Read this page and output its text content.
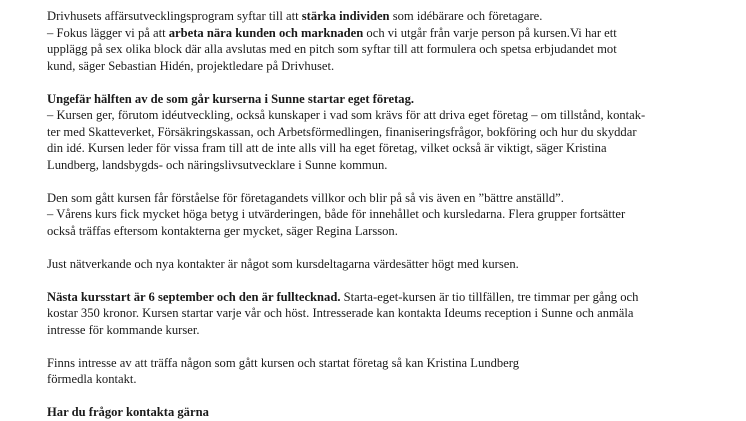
Drivhusets affärsutvecklingsprogram syftar till att stärka individen som idébärare och företagare.
– Fokus lägger vi på att arbeta nära kunden och marknaden och vi utgår från varje person på kursen.Vi har ett
upplägg på sex olika block där alla avslutas med en pitch som syftar till att formulera och spetsa erbjudandet mot
kund, säger Sebastian Hidén, projektledare på Drivhuset.
Ungefär hälften av de som går kurserna i Sunne startar eget företag.
– Kursen ger, förutom idéutveckling, också kunskaper i vad som krävs för att driva eget företag – om tillstånd, kontak-
ter med Skatteverket, Försäkringskassan, och Arbetsförmedlingen, finaniseringsfrågor, bokföring och hur du skyddar
din idé. Kursen leder för vissa fram till att de inte alls vill ha eget företag, vilket också är viktigt, säger Kristina
Lundberg, landsbygds- och näringslivsutvecklare i Sunne kommun.
Den som gått kursen får förståelse för företagandets villkor och blir på så vis även en ”bättre anställd”.
– Vårens kurs fick mycket höga betyg i utvärderingen, både för innehållet och kursledarna. Flera grupper fortsätter
också träffas eftersom kontakterna ger mycket, säger Regina Larsson.
Just nätverkande och nya kontakter är något som kursdeltagarna värdesätter högt med kursen.
Nästa kursstart är 6 september och den är fulltecknad. Starta-eget-kursen är tio tillfällen, tre timmar per gång och
kostar 350 kronor. Kursen startar varje vår och höst. Intresserade kan kontakta Ideums reception i Sunne och anmäla
intresse för kommande kurser.
Finns intresse av att träffa någon som gått kursen och startat företag så kan Kristina Lundberg
förmedla kontakt.
Har du frågor kontakta gärna
